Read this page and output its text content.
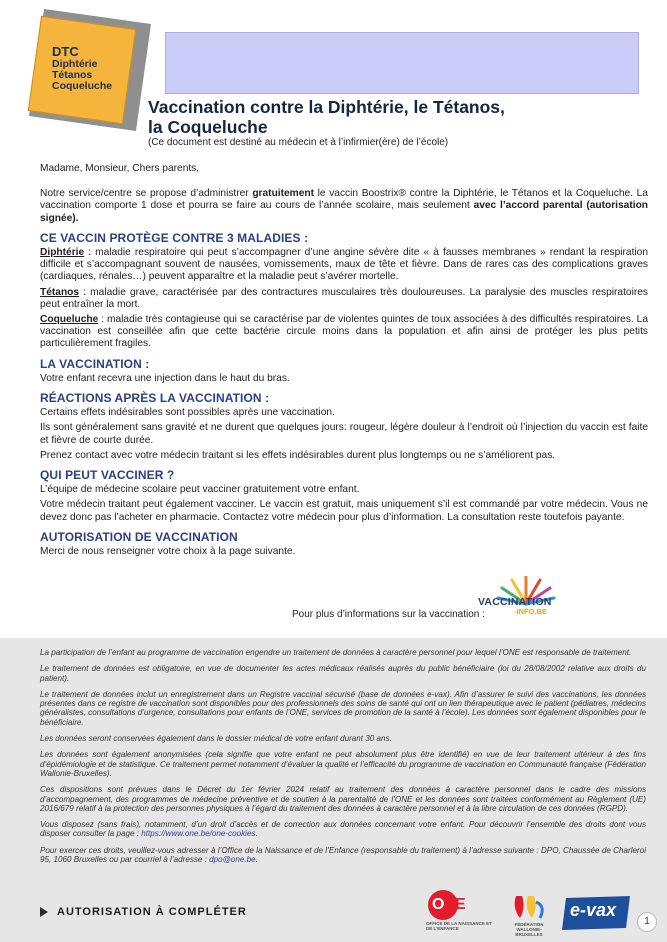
DTC
Diphtérie
Tétanos
Coqueluche
Vaccination contre la Diphtérie, le Tétanos,
la Coqueluche
(Ce document est destiné au médecin et à l’infirmier(ère) de l’école)

Madame, Monsieur, Chers parents,

Notre service/centre se propose d’administrer gratuitement le vaccin Boostrix® contre la Diphtérie, le Tétanos et la Coqueluche. La vaccination comporte 1 dose et pourra se faire au cours de l’année scolaire, mais seulement avec l’accord parental (autorisation signée).

CE VACCIN PROTÈGE CONTRE 3 MALADIES :

Diphtérie : maladie respiratoire qui peut s’accompagner d’une angine sévère dite « à fausses membranes » rendant la respiration difficile et s’accompagnant souvent de nausées, vomissements, maux de tête et fièvre. Dans de rares cas des complications graves (cardiaques, rénales…) peuvent apparaître et la maladie peut s’avérer mortelle.

Tétanos : maladie grave, caractérisée par des contractures musculaires très douloureuses. La paralysie des muscles respiratoires peut entraîner la mort.

Coqueluche : maladie très contagieuse qui se caractérise par de violentes quintes de toux associées à des difficultés respiratoires. La vaccination est conseillée afin que cette bactérie circule moins dans la population et afin ainsi de protéger les plus petits particulièrement fragiles.

LA VACCINATION :

Votre enfant recevra une injection dans le haut du bras.

RÉACTIONS APRÈS LA VACCINATION :

Certains effets indésirables sont possibles après une vaccination.

Ils sont généralement sans gravité et ne durent que quelques jours: rougeur, légère douleur à l’endroit où l’injection du vaccin est faite et fièvre de courte durée.

Prenez contact avec votre médecin traitant si les effets indésirables durent plus longtemps ou ne s’améliorent pas.

QUI PEUT VACCINER ?

L’équipe de médecine scolaire peut vacciner gratuitement votre enfant.

Votre médecin traitant peut également vacciner. Le vaccin est gratuit, mais uniquement s’il est commandé par votre médecin. Vous ne devez donc pas l’acheter en pharmacie. Contactez votre médecin pour plus d’information. La consultation reste toutefois payante.

AUTORISATION DE VACCINATION

Merci de nous renseigner votre choix à la page suivante.

Pour plus d’informations sur la vaccination :
VACCINATION
-INFO.BE

La participation de l’enfant au programme de vaccination engendre un traitement de données à caractère personnel pour lequel l’ONE est responsable de traitement.

Le traitement de données est obligatoire, en vue de documenter les actes médicaux réalisés auprès du public bénéficiaire (loi du 28/08/2002 relative aux droits du patient).

Le traitement de données inclut un enregistrement dans un Registre vaccinal sécurisé (base de données e-vax). Afin d’assurer le suivi des vaccinations, les données présentes dans ce registre de vaccination sont disponibles pour des professionnels des soins de santé qui ont un lien thérapeutique avec le patient (pédiatres, médecins généralistes, consultations d’urgence, consultations pour enfants de l’ONE, services de promotion de la santé à l’école). Les données sont également disponibles pour le bénéficiaire.

Les données seront conservées également dans le dossier médical de votre enfant durant 30 ans.

Les données sont également anonymisées (cela signifie que votre enfant ne peut absolument plus être identifié) en vue de leur traitement ultérieur à des fins d’épidémiologie et de statistique. Ce traitement permet notamment d’évaluer la qualité et l’efficacité du programme de vaccination en Communauté française (Fédération Wallonie-Bruxelles).

Ces dispositions sont prévues dans le Décret du 1er février 2024 relatif au traitement des données à caractère personnel dans le cadre des missions d’accompagnement, des programmes de médecine préventive et de soutien à la parentalité de l’ONE et les données sont traitées conformément au Règlement (UE) 2016/679 relatif à la protection des personnes physiques à l’égard du traitement des données à caractère personnel et à la libre circulation de ces données (RGPD).

Vous disposez (sans frais), notamment, d’un droit d’accès et de correction aux données concernant votre enfant. Pour découvrir l’ensemble des droits dont vous disposer consulter la page : https://www.one.be/one-cookies.

Pour exercer ces droits, veuillez-vous adresser à l’Office de la Naissance et de l’Enfance (responsable du traitement) à l’adresse suivante : DPO, Chaussée de Charleroi 95, 1060 Bruxelles ou par courriel à l’adresse : dpo@one.be.

AUTORISATION À COMPLÉTER	ONE
OFFICE DE LA NAISSANCE ET DE L’ENFANCE
FÉDÉRATION WALLONIE-BRUXELLES
e-vax
1
